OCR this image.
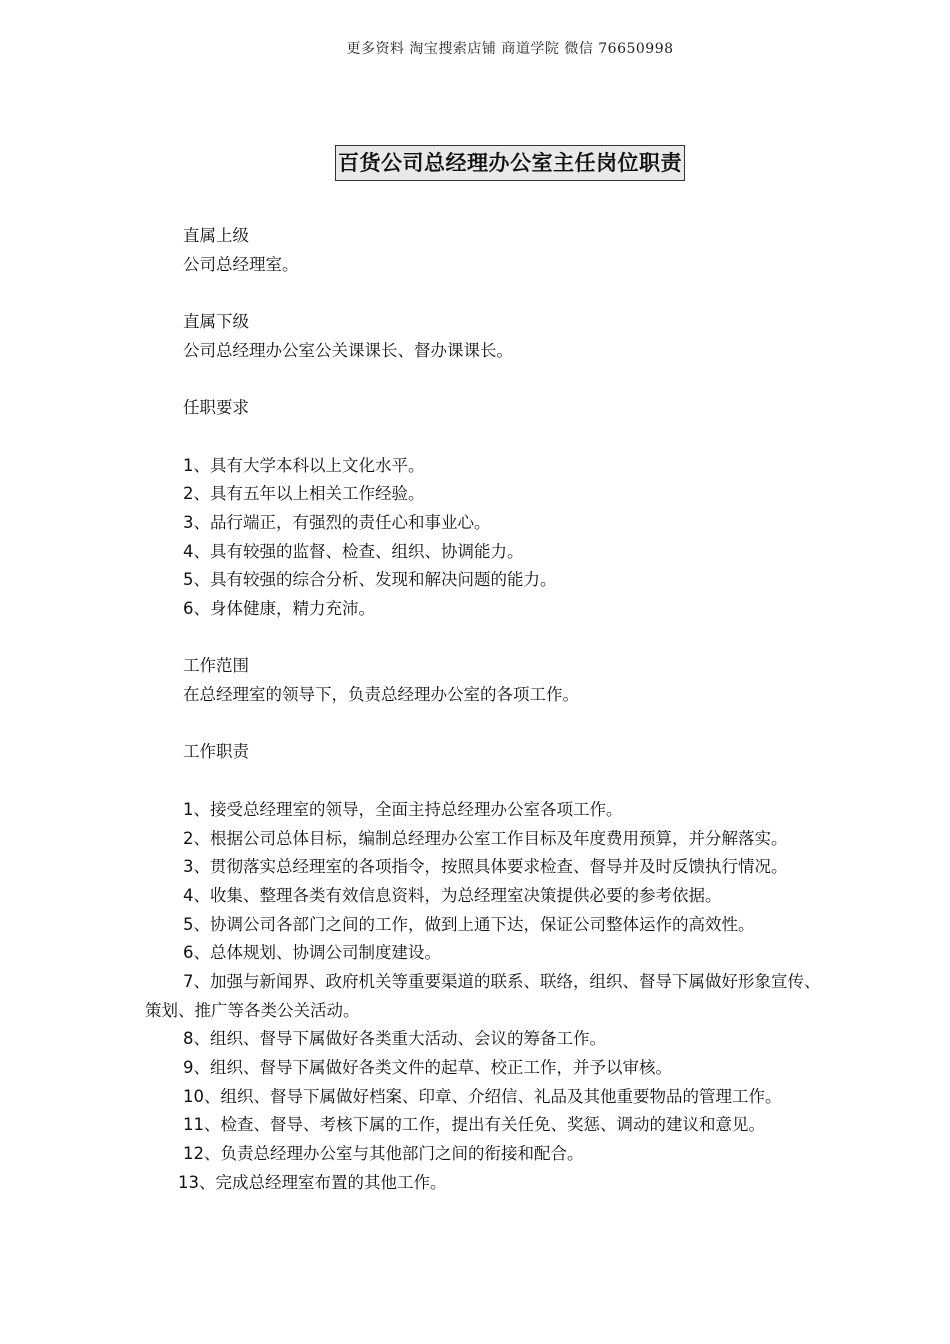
更多资料 淘宝搜索店铺 商道学院 微信 76650998
百货公司总经理办公室主任岗位职责
直属上级
公司总经理室。
直属下级
公司总经理办公室公关课课长、督办课课长。
任职要求
1、具有大学本科以上文化水平。
2、具有五年以上相关工作经验。
3、品行端正，有强烈的责任心和事业心。
4、具有较强的监督、检查、组织、协调能力。
5、具有较强的综合分析、发现和解决问题的能力。
6、身体健康，精力充沛。
工作范围
在总经理室的领导下，负责总经理办公室的各项工作。
工作职责
1、接受总经理室的领导，全面主持总经理办公室各项工作。
2、根据公司总体目标，编制总经理办公室工作目标及年度费用预算，并分解落实。
3、贯彻落实总经理室的各项指令，按照具体要求检查、督导并及时反馈执行情况。
4、收集、整理各类有效信息资料，为总经理室决策提供必要的参考依据。
5、协调公司各部门之间的工作，做到上通下达，保证公司整体运作的高效性。
6、总体规划、协调公司制度建设。
7、加强与新闻界、政府机关等重要渠道的联系、联络，组织、督导下属做好形象宣传、
策划、推广等各类公关活动。
8、组织、督导下属做好各类重大活动、会议的筹备工作。
9、组织、督导下属做好各类文件的起草、校正工作，并予以审核。
10、组织、督导下属做好档案、印章、介绍信、礼品及其他重要物品的管理工作。
11、检查、督导、考核下属的工作，提出有关任免、奖惩、调动的建议和意见。
12、负责总经理办公室与其他部门之间的衔接和配合。
13、完成总经理室布置的其他工作。
